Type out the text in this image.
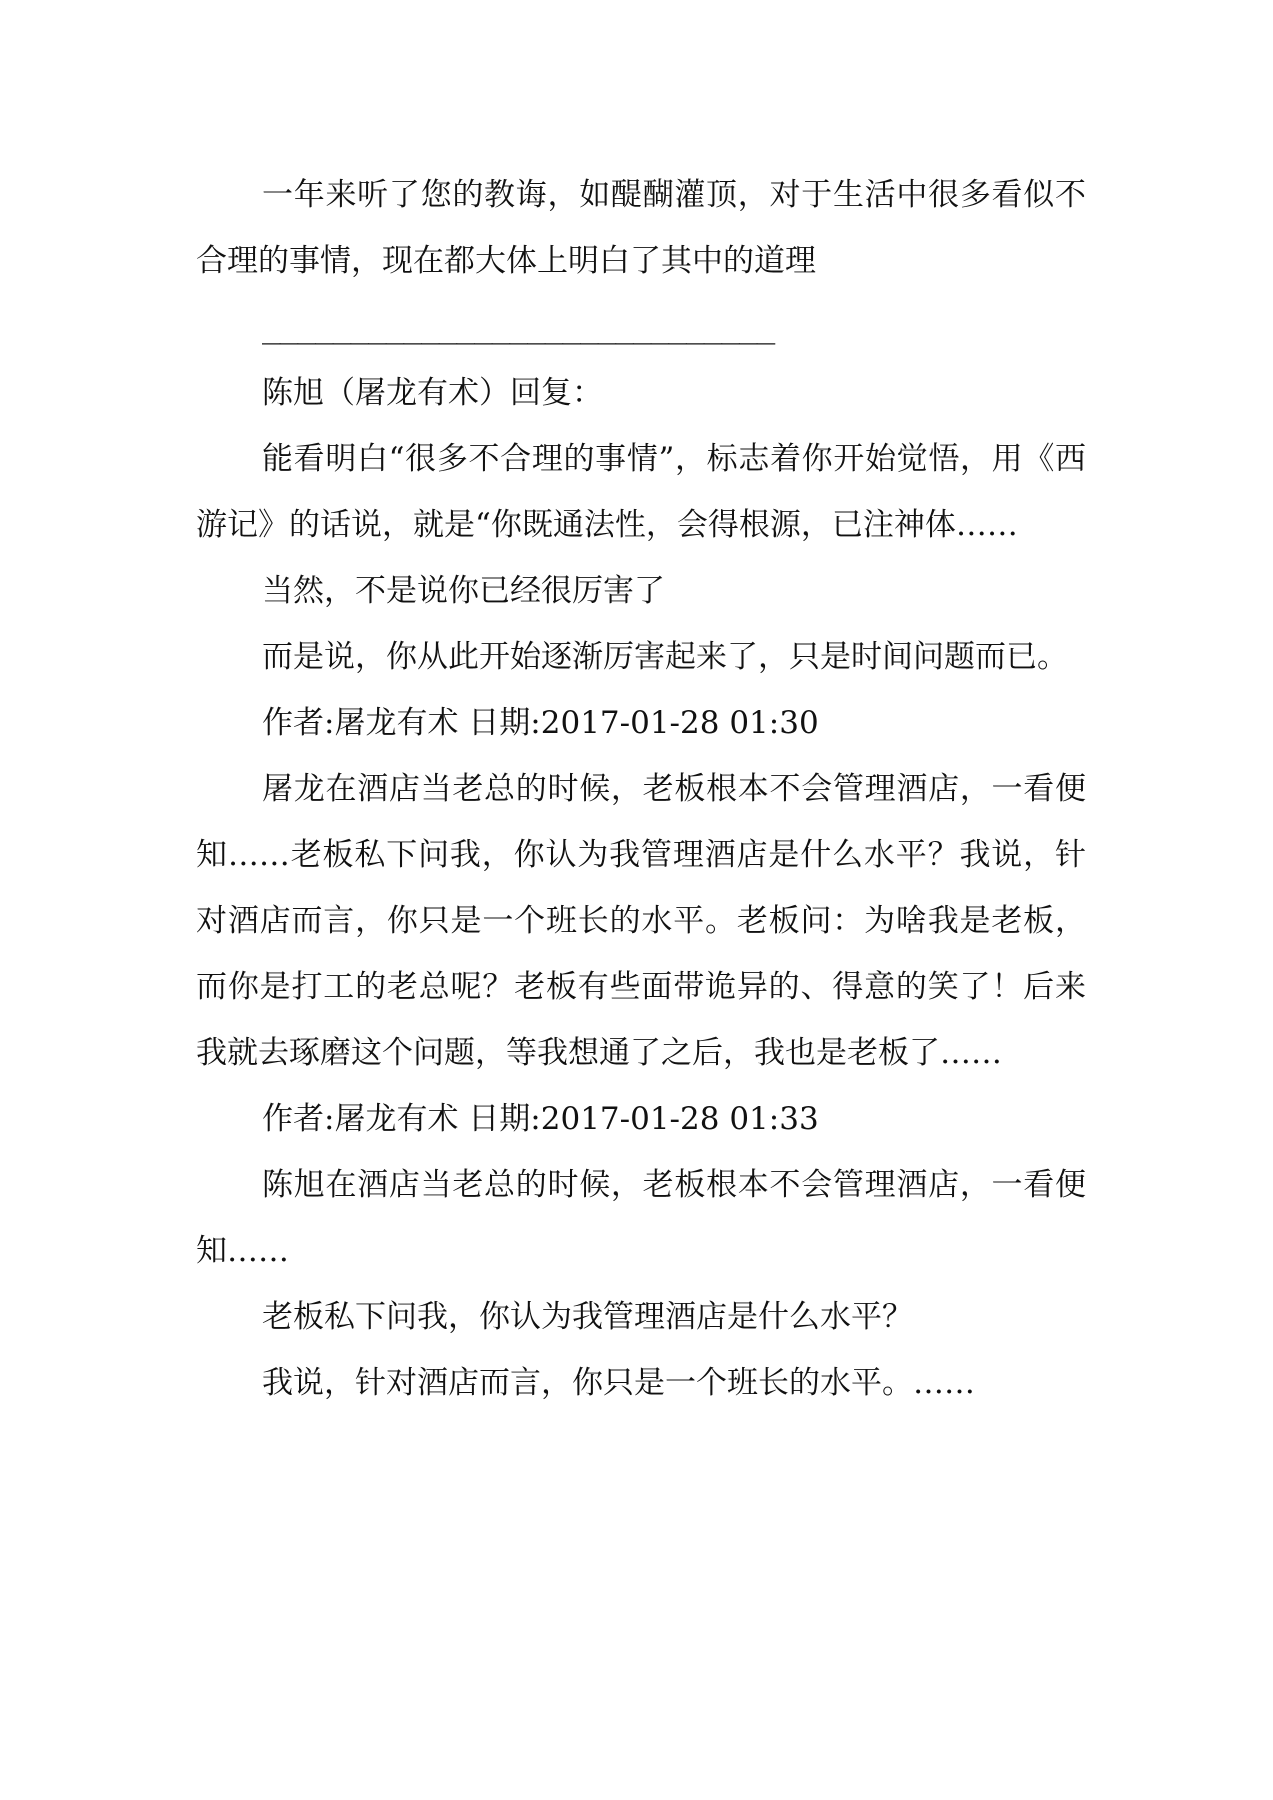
一年来听了您的教诲，如醍醐灌顶，对于生活中很多看似不合理的事情，现在都大体上明白了其中的道理

_____________________________

陈旭（屠龙有术）回复：

能看明白“很多不合理的事情”，标志着你开始觉悟，用《西游记》的话说，就是“你既通法性，会得根源，已注神体……

当然，不是说你已经很厉害了

而是说，你从此开始逐渐厉害起来了，只是时间问题而已。

作者:屠龙有术 日期:2017-01-28 01:30

屠龙在酒店当老总的时候，老板根本不会管理酒店，一看便知……老板私下问我，你认为我管理酒店是什么水平？我说，针对酒店而言，你只是一个班长的水平。老板问：为啥我是老板，而你是打工的老总呢？老板有些面带诡异的、得意的笑了！后来我就去琢磨这个问题，等我想通了之后，我也是老板了……

作者:屠龙有术 日期:2017-01-28 01:33

陈旭在酒店当老总的时候，老板根本不会管理酒店，一看便知……

老板私下问我，你认为我管理酒店是什么水平？

我说，针对酒店而言，你只是一个班长的水平。……
